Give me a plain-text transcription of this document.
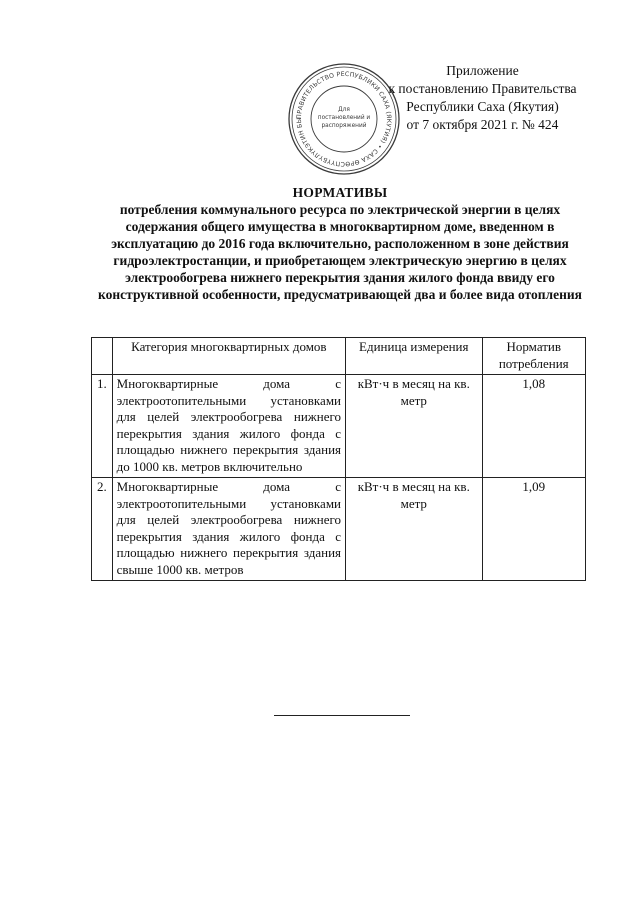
ПРАВИТЕЛЬСТВО РЕСПУБЛИКИ САХА (ЯКУТИЯ) • САХА ӨРӨСПҮҮБҮЛҮКЭТИН БЫ
Для
постановлений и
распоряжений
Приложение
к постановлению Правительства
Республики Саха (Якутия)
от 7 октября 2021 г. № 424
НОРМАТИВЫ
потребления коммунального ресурса по электрической энергии в целях содержания общего имущества в многоквартирном доме, введенном в эксплуатацию до 2016 года включительно, расположенном в зоне действия гидроэлектростанции, и приобретающем электрическую энергию в целях электрообогрева нижнего перекрытия здания жилого фонда ввиду его конструктивной особенности, предусматривающей два и более вида отопления
	Категория многоквартирных домов	Единица измерения	Норматив потребления
1.	Многоквартирные дома с электроотопительными установками для целей электрообогрева нижнего перекрытия здания жилого фонда с площадью нижнего перекрытия здания до 1000 кв. метров включительно	кВт·ч в месяц на кв. метр	1,08
2.	Многоквартирные дома с электроотопительными установками для целей электрообогрева нижнего перекрытия здания жилого фонда с площадью нижнего перекрытия здания свыше 1000 кв. метров	кВт·ч в месяц на кв. метр	1,09
